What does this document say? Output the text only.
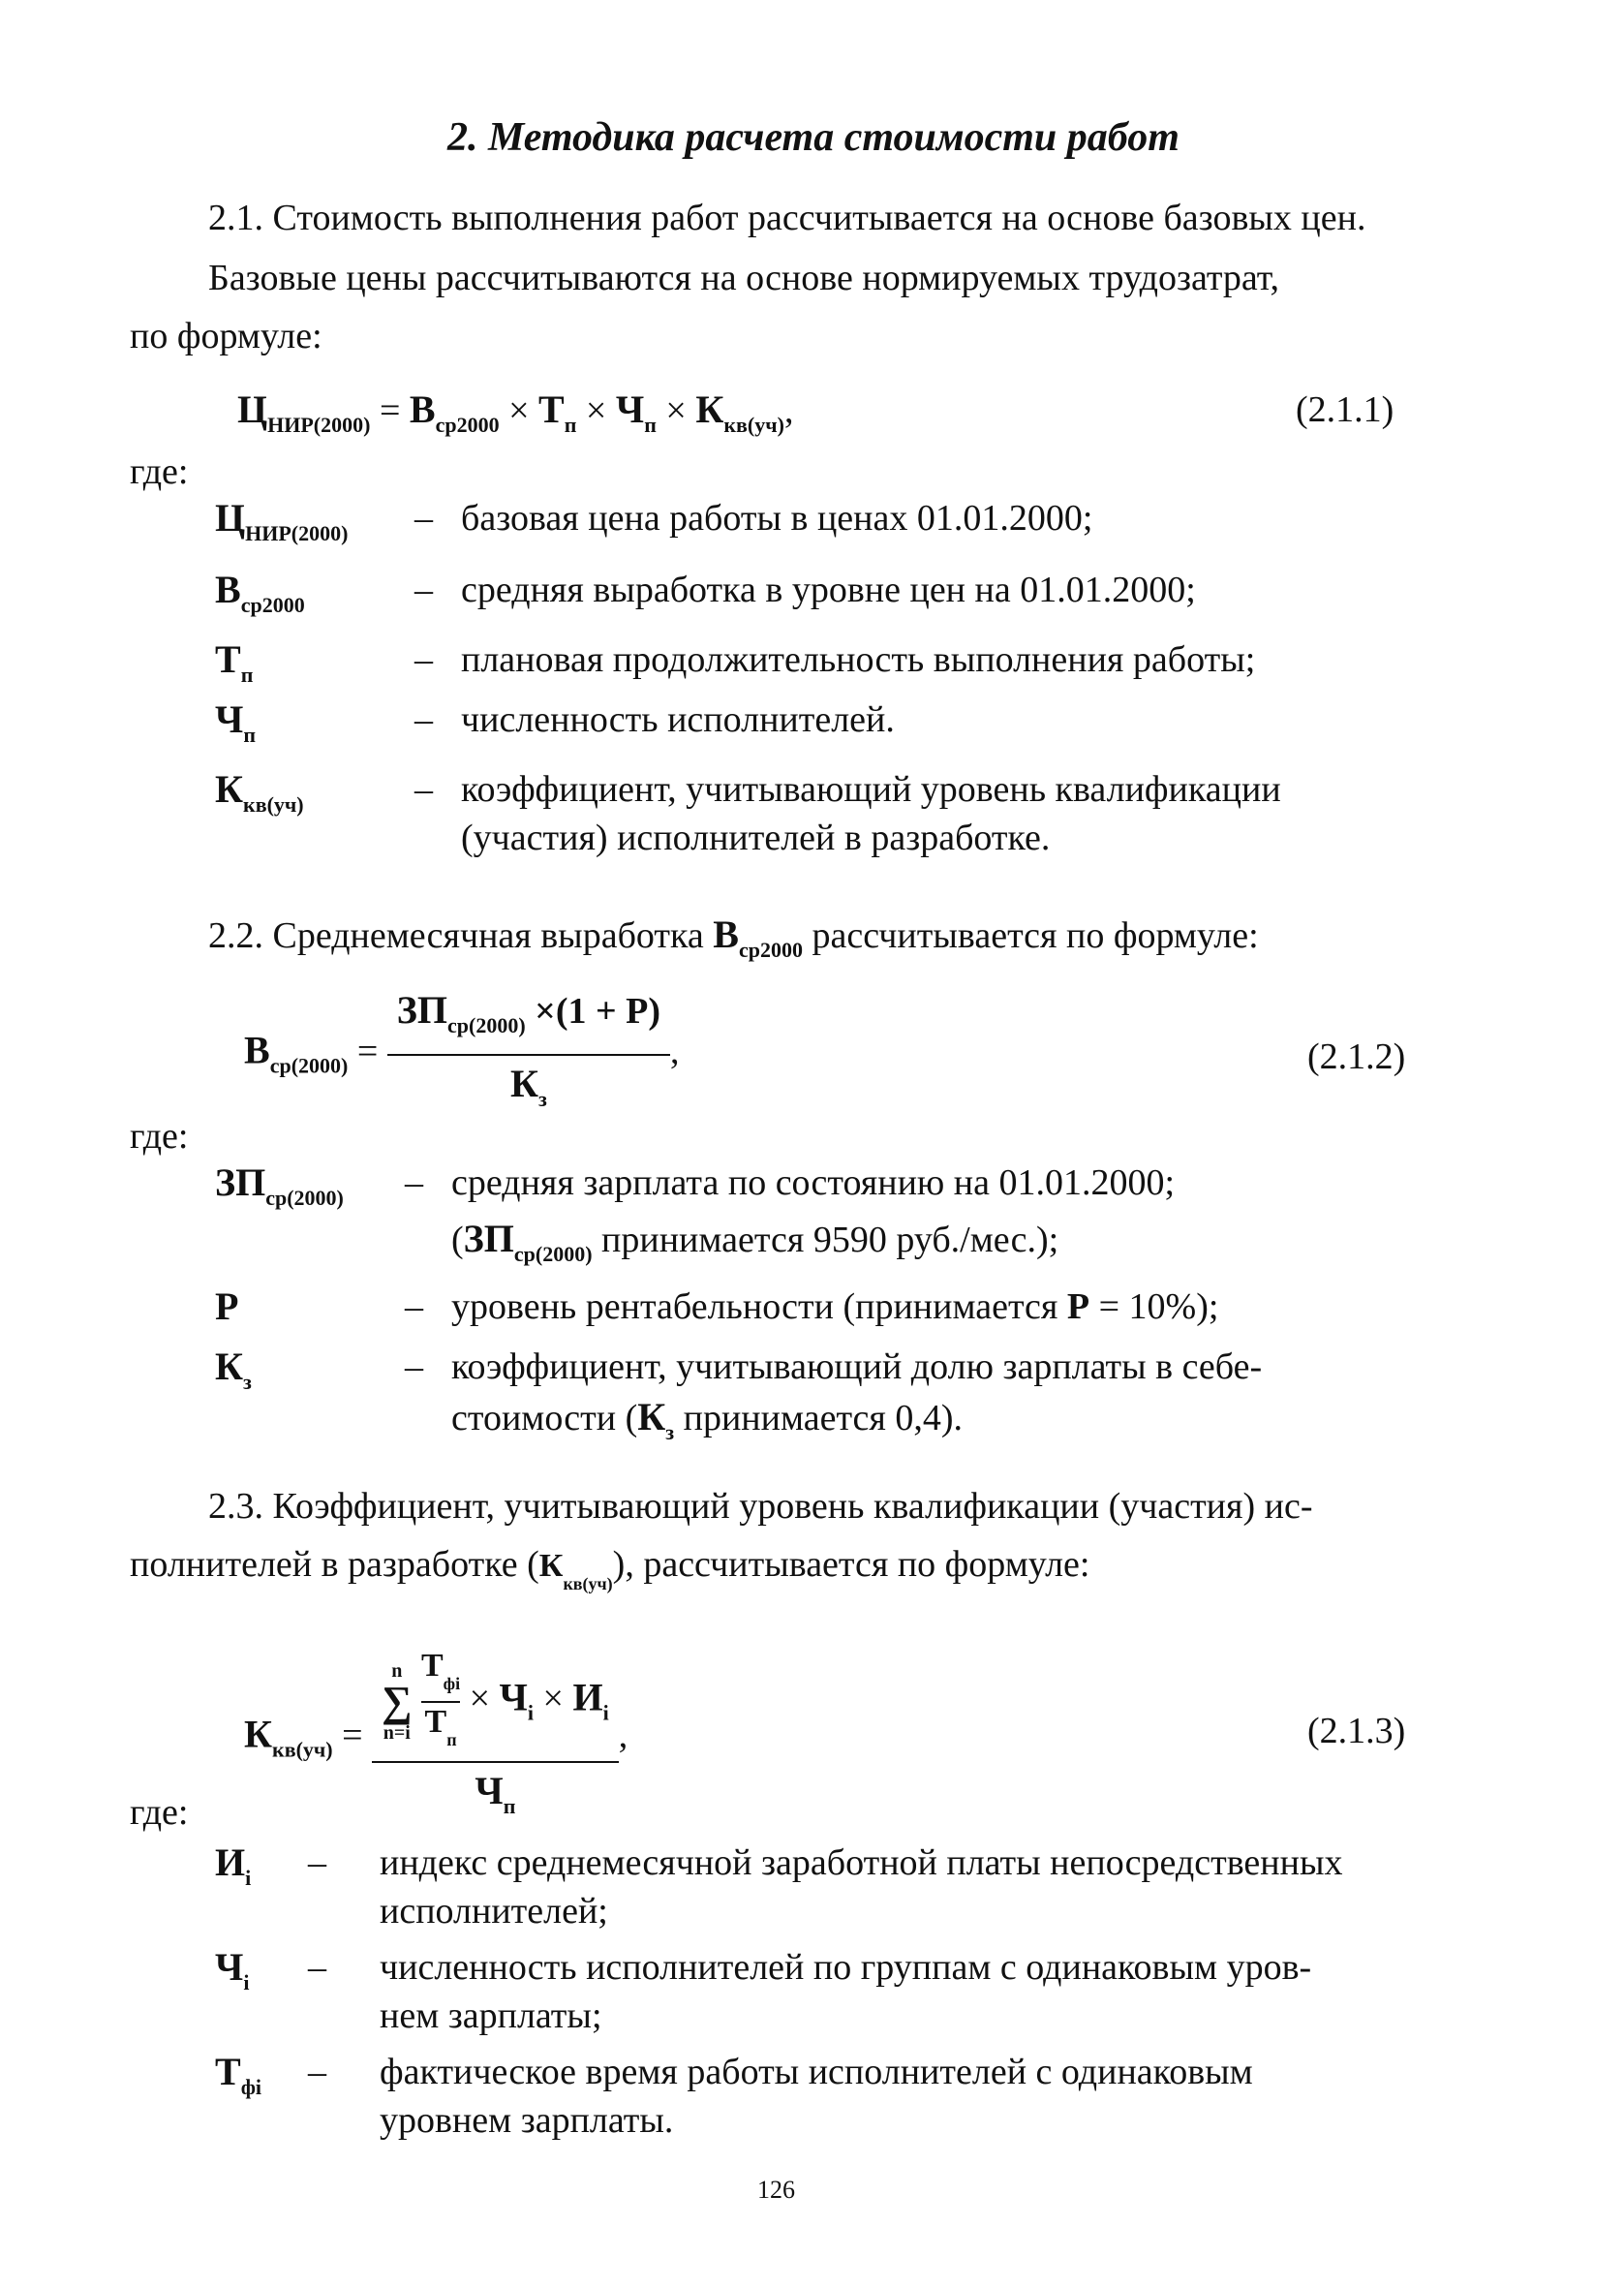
2. Методика расчета стоимости работ
2.1. Стоимость выполнения работ рассчитывается на основе базовых цен.
Базовые цены рассчитываются на основе нормируемых трудозатрат,
по формуле:
$Ц_{НИР(2000)} = В_{ср2000} \times Т_п \times Ч_п \times К_{кв(уч)}$,	(2.1.1)
где:
$Ц_{НИР(2000)}$ – базовая цена работы в ценах 01.01.2000;
$В_{ср2000}$	– средняя выработка в уровне цен на 01.01.2000;
$Т_п$	– плановая продолжительность выполнения работы;
$Ч_п$	– численность исполнителей.
$К_{кв(уч)}$	– коэффициент, учитывающий уровень квалификации
(участия) исполнителей в разработке.
2.2. Среднемесячная выработка $В_{ср2000}$ рассчитывается по формуле:
$В_{ср(2000)} = \frac{ЗП_{ср(2000)} \times(1 + Р)}{К_з}$ ,	(2.1.2)
где:
$ЗП_{ср(2000)}$ – средняя зарплата по состоянию на 01.01.2000;
($ЗП_{ср(2000)}$ принимается 9590 руб./мес.);
Р	– уровень рентабельности (принимается Р = 10%);
$К_з$	– коэффициент, учитывающий долю зарплаты в себе-
стоимости ($К_з$ принимается 0,4).
2.3. Коэффициент, учитывающий уровень квалификации (участия) ис-
полнителей в разработке $(К_{кв(уч)})$, рассчитывается по формуле:
$К_{кв(уч)}$ =
n
∑
n=i

$Т_{фi}$
$Т_п$
× $Ч_i \times И_i$
$Ч_п$
,	(2.1.3)
где:
$И_i$ – индекс среднемесячной заработной платы непосредственных
исполнителей;
$Ч_i$ – численность исполнителей по группам с одинаковым уров-
нем зарплаты;
$Т_{фi}$ – фактическое время работы исполнителей с одинаковым
уровнем зарплаты.
126
